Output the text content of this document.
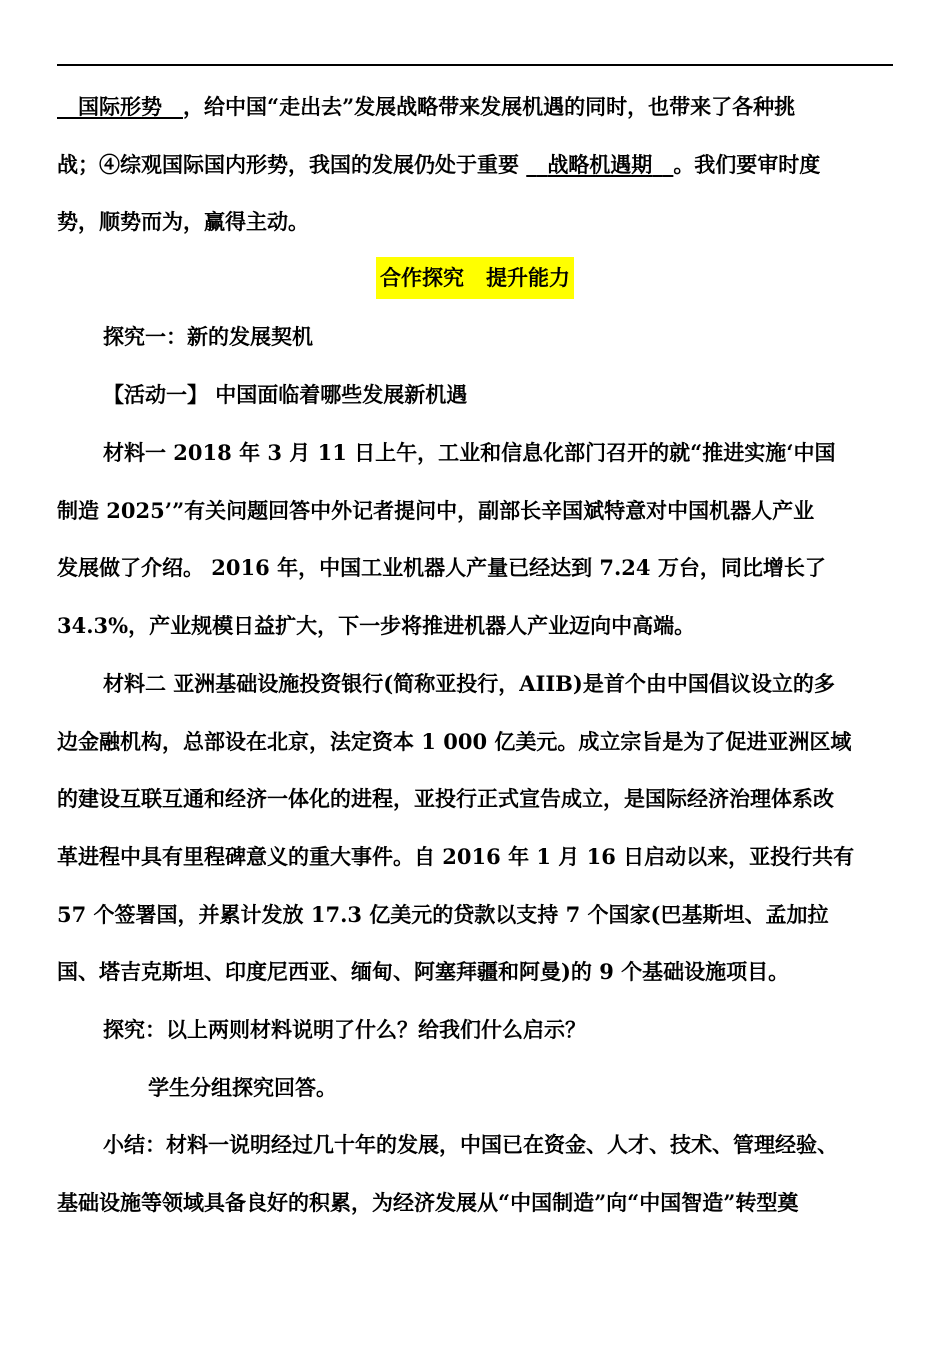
__国际形势__，给中国“走出去”发展战略带来发展机遇的同时，也带来了各种挑
战；④综观国际国内形势，我国的发展仍处于重要 __战略机遇期__。我们要审时度
势，顺势而为，赢得主动。
合作探究   提升能力
探究一：新的发展契机
【活动一】 中国面临着哪些发展新机遇
材料一 2018 年 3 月 11 日上午，工业和信息化部门召开的就“推进实施‘中国
制造 2025’”有关问题回答中外记者提问中，副部长辛国斌特意对中国机器人产业
发展做了介绍。 2016 年，中国工业机器人产量已经达到 7.24 万台，同比增长了
34.3%，产业规模日益扩大，下一步将推进机器人产业迈向中高端。
材料二 亚洲基础设施投资银行(简称亚投行，AIIB)是首个由中国倡议设立的多
边金融机构，总部设在北京，法定资本 1 000 亿美元。成立宗旨是为了促进亚洲区域
的建设互联互通和经济一体化的进程，亚投行正式宣告成立，是国际经济治理体系改
革进程中具有里程碑意义的重大事件。自 2016 年 1 月 16 日启动以来，亚投行共有
57 个签署国，并累计发放 17.3 亿美元的贷款以支持 7 个国家(巴基斯坦、孟加拉
国、塔吉克斯坦、印度尼西亚、缅甸、阿塞拜疆和阿曼)的 9 个基础设施项目。
探究：以上两则材料说明了什么？给我们什么启示？
学生分组探究回答。
小结：材料一说明经过几十年的发展，中国已在资金、人才、技术、管理经验、
基础设施等领域具备良好的积累，为经济发展从“中国制造”向“中国智造”转型奠
